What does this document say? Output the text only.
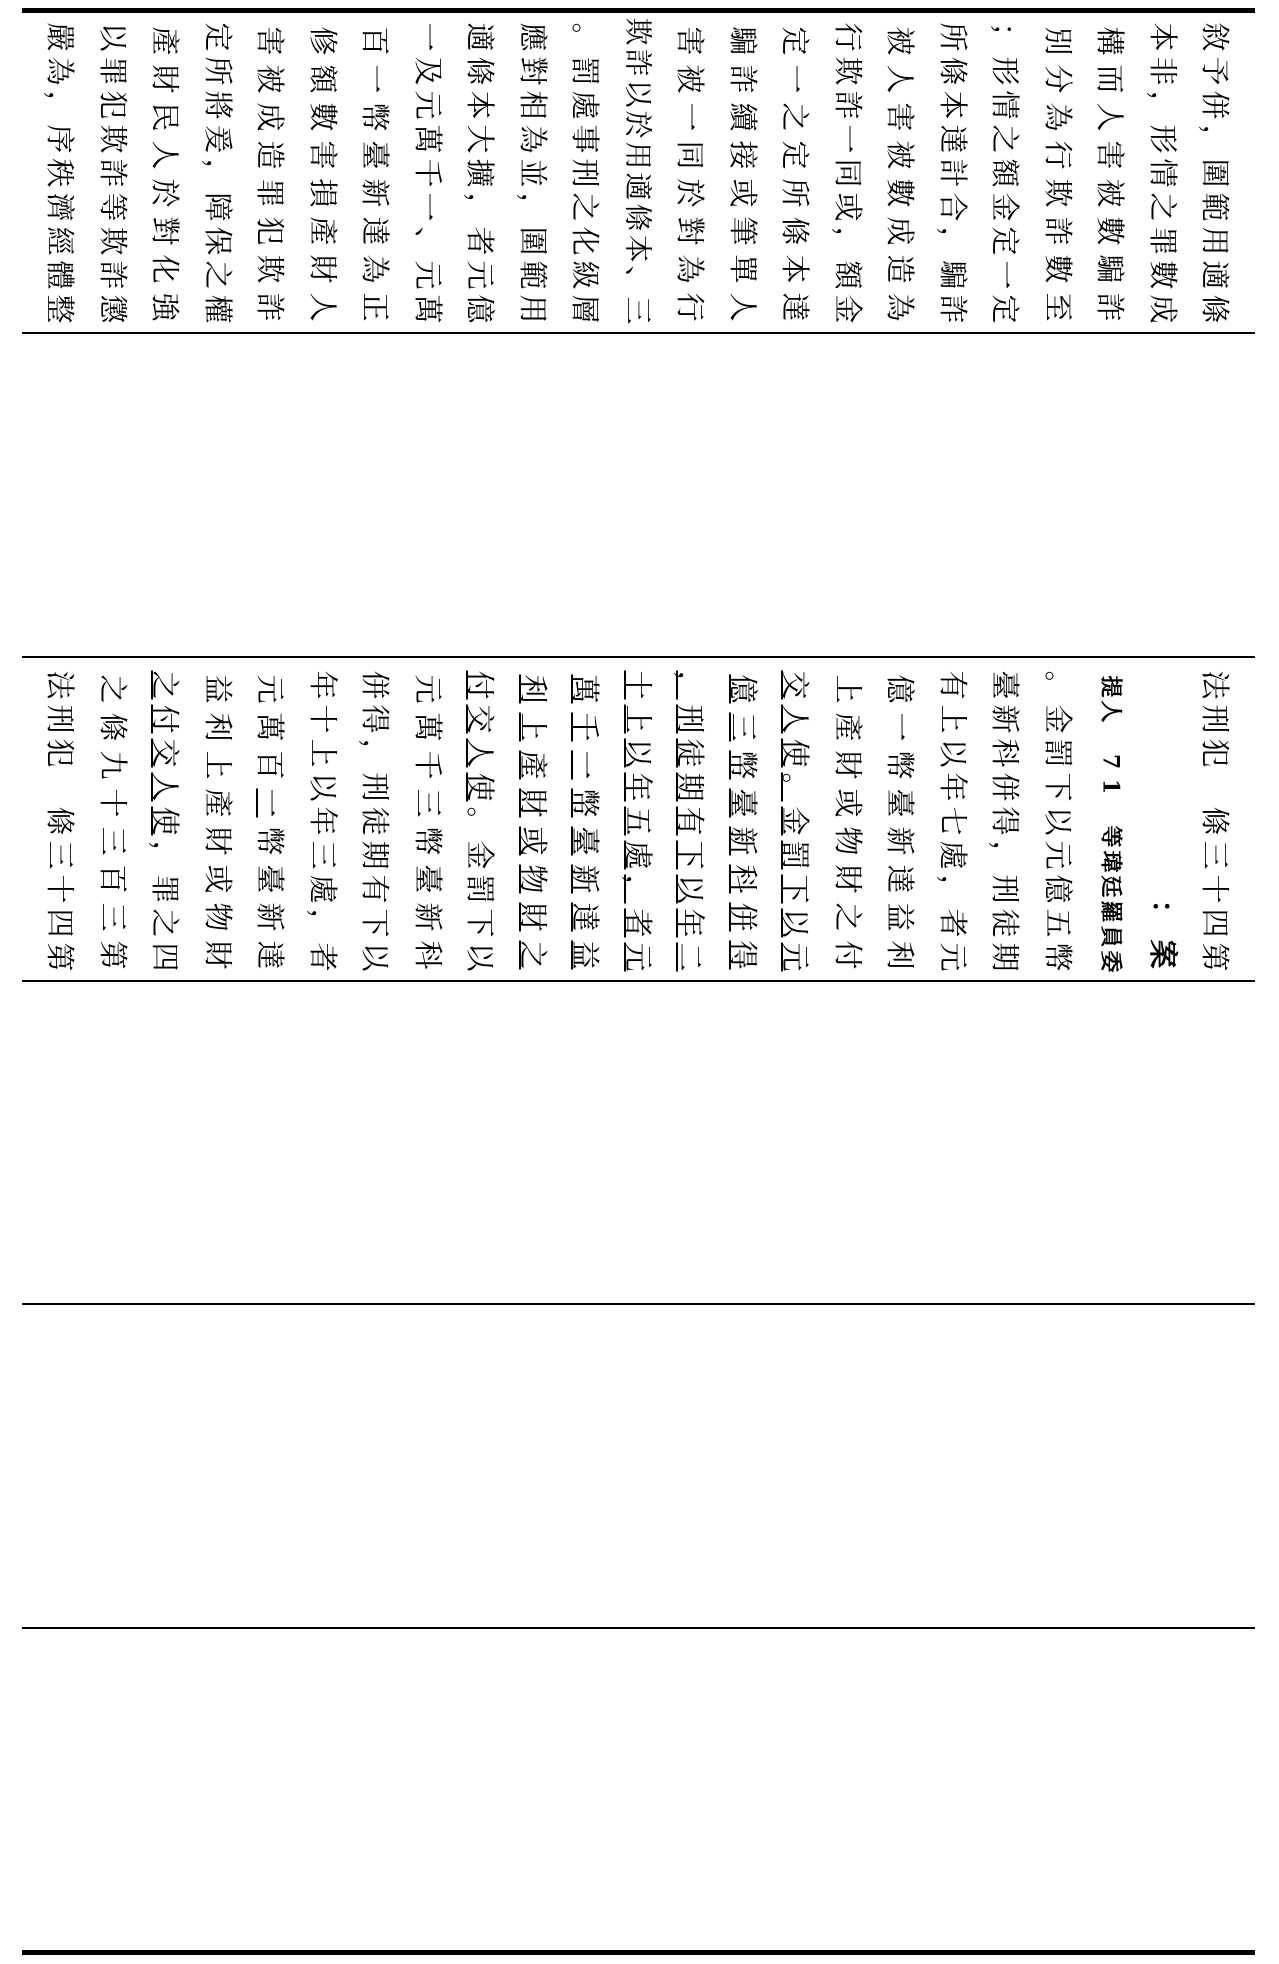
整
體
經
濟
秩
序
，
為
嚴
懲
詐
欺
等
詐
欺
犯
罪
以
強
化
對
於
人
民
財
產
權
之
保
障
，
爰
將
所
定
詐
欺
犯
罪
造
成
被
害
人
財
產
損
害
數
額
修
正
為
達
新
臺
幣
一
百
萬
元
、
一
千
萬
元
及
一
億
元
者
，
擴
大
本
條
適
用
範
圍
，
並
為
相
對
應
層
級
化
之
刑
事
處
罰
。
三
、
本
條
適
用
於
以
詐
欺
行
為
對
於
同
一
被
害
人
單
筆
或
接
續
詐
騙
達
本
條
所
定
之
一
定
金
額
，
或
同
一
詐
欺
行
為
造
成
數
被
害
人
被
詐
騙
，
合
計
達
本
條
所
定
一
定
金
額
之
情
形
；
至
數
詐
欺
行
為
分
別
詐
騙
數
被
害
人
而
構
成
數
罪
之
情
形
，
非
本
條
適
用
範
圍
，
併
予
敘
第
四
十
三
條

犯
刑
法
第
三
百
三
十
九
條
之
四
之
罪
，
使
人
交
付
之
財
物
或
財
產
上
利
益
達
新
臺
幣
一
百
萬
元
者
，
處
三
年
以
上
十
年
以
下
有
期
徒
刑
，
得
併
科
新
臺
幣
三
千
萬
元
以
下
罰
金
。
使
人
交
付
之
財
物
或
財
產
上
利
益
達
新
臺
幣
一
千
萬
元
者
，
處
五
年
以
上
十
二
年
以
下
有
期
徒
刑
，
得
併
科
新
臺
幣
三
億
元
以
下
罰
金
。
使
人
交
付
之
財
物
或
財
產
上
利
益
達
新
臺
幣
一
億
元
者
，
處
七
年
以
上
有
期
徒
刑
，
得
併
科
新
臺
幣
五
億
元
以
下
罰
金
。
委
員
羅
廷
瑋
等
1
7
人
提
案
：
第
四
十
三
條

犯
刑
法
